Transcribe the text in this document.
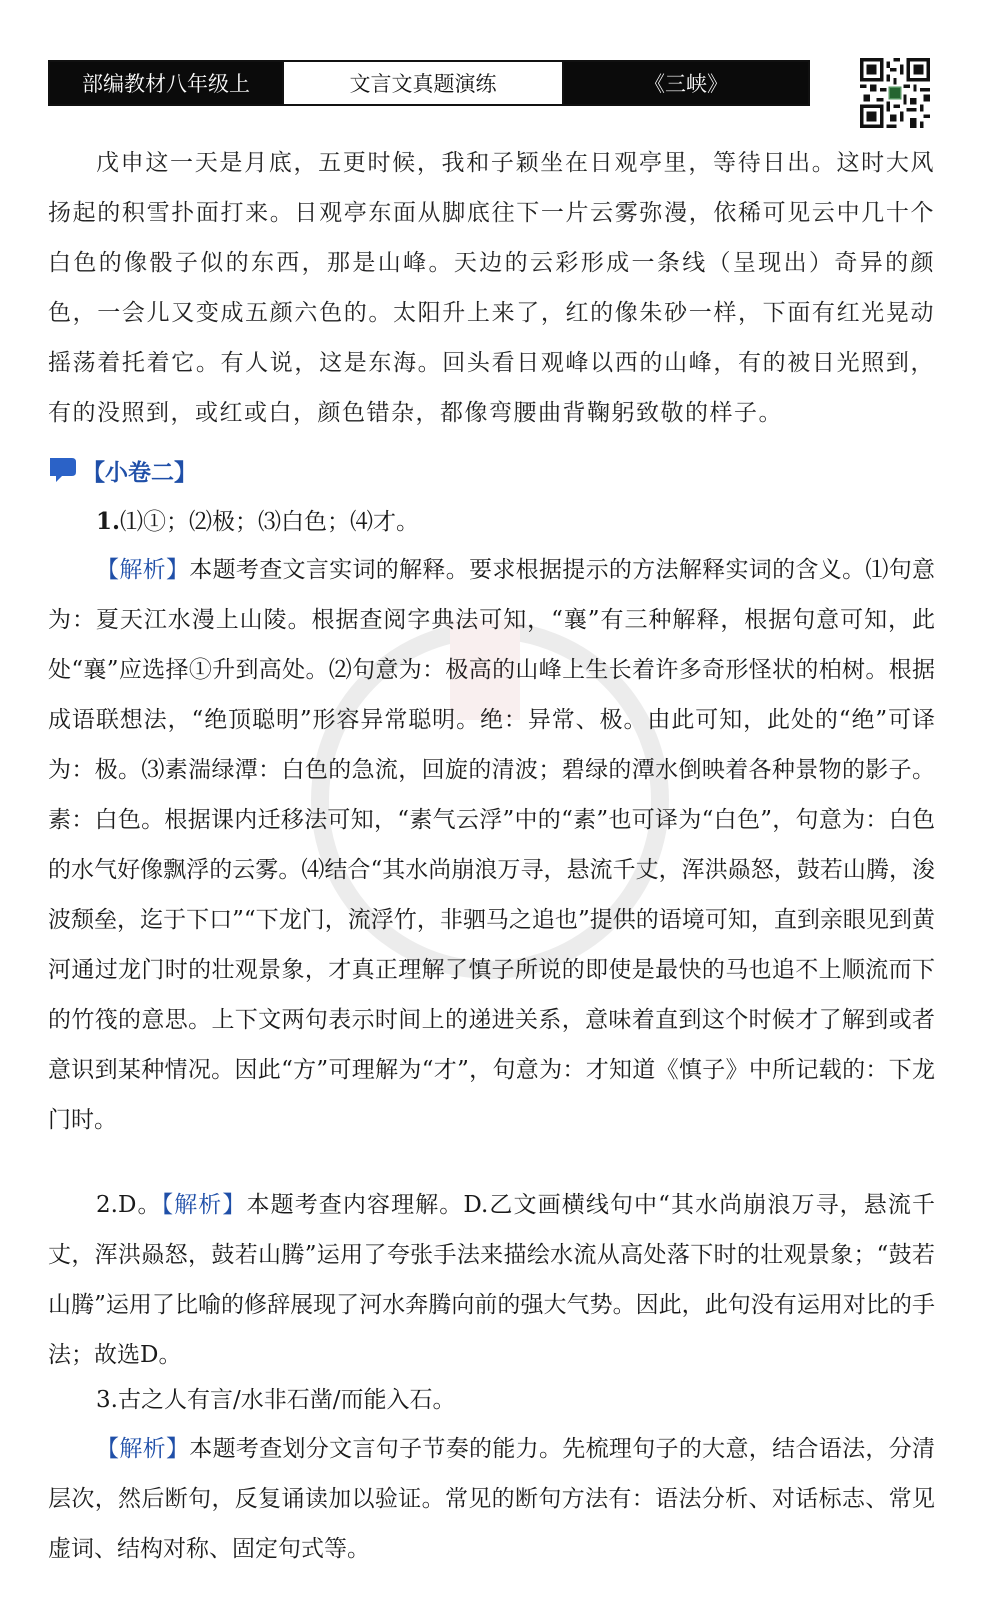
部编教材八年级上	文言文真题演练	《三峡》

戊申这一天是月底，五更时候，我和子颖坐在日观亭里，等待日出。这时大风扬起的积雪扑面打来。日观亭东面从脚底往下一片云雾弥漫，依稀可见云中几十个白色的像骰子似的东西，那是山峰。天边的云彩形成一条线（呈现出）奇异的颜色，一会儿又变成五颜六色的。太阳升上来了，红的像朱砂一样，下面有红光晃动摇荡着托着它。有人说，这是东海。回头看日观峰以西的山峰，有的被日光照到，有的没照到，或红或白，颜色错杂，都像弯腰曲背鞠躬致敬的样子。

【小卷二】

1.⑴①；⑵极；⑶白色；⑷才。

【解析】本题考查文言实词的解释。要求根据提示的方法解释实词的含义。⑴句意为：夏天江水漫上山陵。根据查阅字典法可知，“襄”有三种解释，根据句意可知，此处“襄”应选择①升到高处。⑵句意为：极高的山峰上生长着许多奇形怪状的柏树。根据成语联想法，“绝顶聪明”形容异常聪明。绝：异常、极。由此可知，此处的“绝”可译为：极。⑶素湍绿潭：白色的急流，回旋的清波；碧绿的潭水倒映着各种景物的影子。素：白色。根据课内迁移法可知，“素气云浮”中的“素”也可译为“白色”，句意为：白色的水气好像飘浮的云雾。⑷结合“其水尚崩浪万寻，悬流千丈，浑洪赑怒，鼓若山腾，浚波颓垒，迄于下口”“下龙门，流浮竹，非驷马之追也”提供的语境可知，直到亲眼见到黄河通过龙门时的壮观景象，才真正理解了慎子所说的即使是最快的马也追不上顺流而下的竹筏的意思。上下文两句表示时间上的递进关系，意味着直到这个时候才了解到或者意识到某种情况。因此“方”可理解为“才”，句意为：才知道《慎子》中所记载的：下龙门时。

2.D。【解析】本题考查内容理解。D.乙文画横线句中“其水尚崩浪万寻，悬流千丈，浑洪赑怒，鼓若山腾”运用了夸张手法来描绘水流从高处落下时的壮观景象；“鼓若山腾”运用了比喻的修辞展现了河水奔腾向前的强大气势。因此，此句没有运用对比的手法；故选D。

3.古之人有言/水非石凿/而能入石。

【解析】本题考查划分文言句子节奏的能力。先梳理句子的大意，结合语法，分清层次，然后断句，反复诵读加以验证。常见的断句方法有：语法分析、对话标志、常见虚词、结构对称、固定句式等。
